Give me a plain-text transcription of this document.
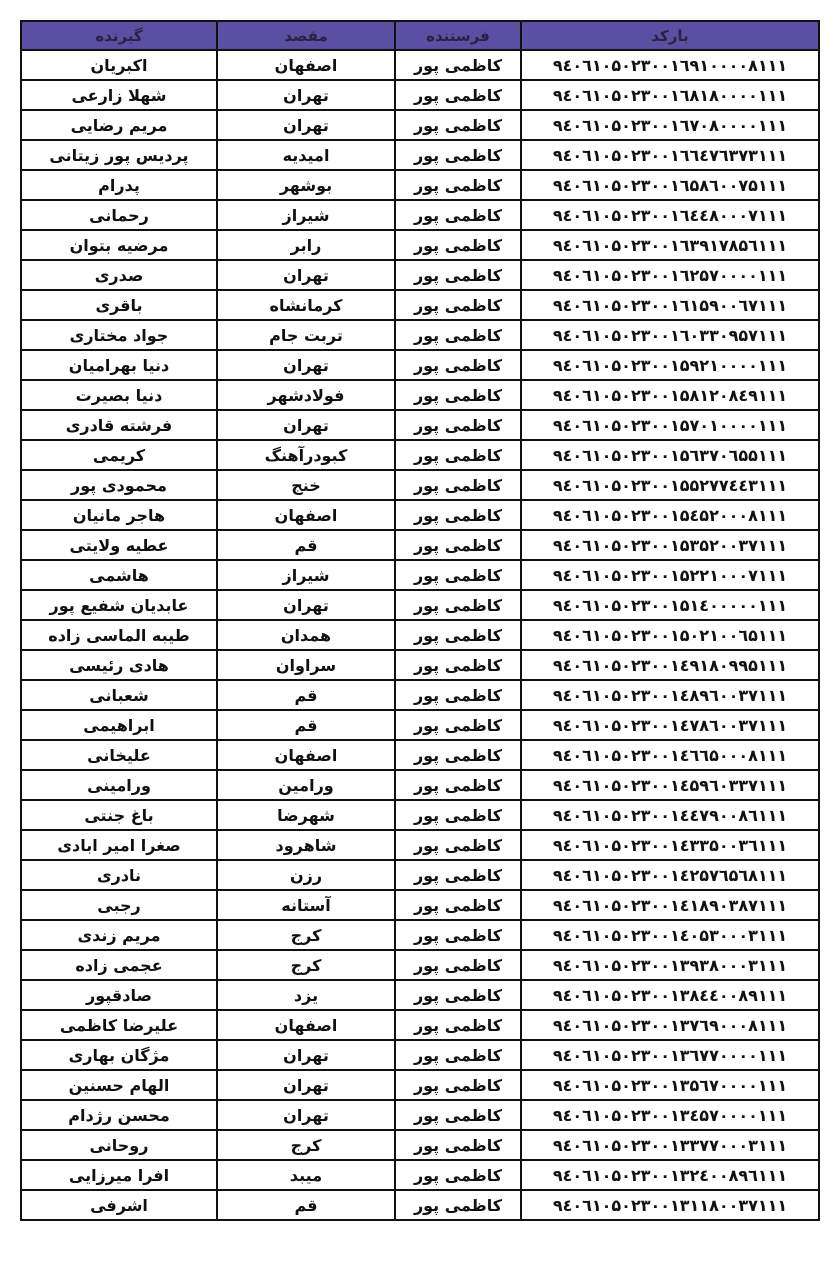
بارکد	فرستنده	مقصد	گیرنده
۹٤۰٦۱۰۵۰۲۳۰۰۱٦۹۱۰۰۰۰۸۱۱۱	کاظمی پور	اصفهان	اکبریان
۹٤۰٦۱۰۵۰۲۳۰۰۱٦۸۱۸۰۰۰۰۱۱۱	کاظمی پور	تهران	شهلا زارعی
۹٤۰٦۱۰۵۰۲۳۰۰۱٦۷۰۸۰۰۰۰۱۱۱	کاظمی پور	تهران	مریم رضایی
۹٤۰٦۱۰۵۰۲۳۰۰۱٦٦٤٧٦۳۷۳۱۱۱	کاظمی پور	امیدیه	پردیس پور زیتانی
۹٤۰٦۱۰۵۰۲۳۰۰۱٦۵۸٦۰۰۷۵۱۱۱	کاظمی پور	بوشهر	پدرام
۹٤۰٦۱۰۵۰۲۳۰۰۱٦٤٤۸۰۰۰۷۱۱۱	کاظمی پور	شیراز	رحمانی
۹٤۰٦۱۰۵۰۲۳۰۰۱٦۳۹۱۷۸۵٦۱۱۱	کاظمی پور	رابر	مرضیه بتوان
۹٤۰٦۱۰۵۰۲۳۰۰۱٦۲۵۷۰۰۰۰۱۱۱	کاظمی پور	تهران	صدری
۹٤۰٦۱۰۵۰۲۳۰۰۱٦۱۵۹۰۰٦۷۱۱۱	کاظمی پور	کرمانشاه	باقری
۹٤۰٦۱۰۵۰۲۳۰۰۱٦۰۳۳۰۹۵۷۱۱۱	کاظمی پور	تربت جام	جواد مختاری
۹٤۰٦۱۰۵۰۲۳۰۰۱۵۹۲۱۰۰۰۰۱۱۱	کاظمی پور	تهران	دنیا بهرامیان
۹٤۰٦۱۰۵۰۲۳۰۰۱۵۸۱۲۰۸٤۹۱۱۱	کاظمی پور	فولادشهر	دنیا بصیرت
۹٤۰٦۱۰۵۰۲۳۰۰۱۵۷۰۱۰۰۰۰۱۱۱	کاظمی پور	تهران	فرشته قادری
۹٤۰٦۱۰۵۰۲۳۰۰۱۵٦۳۷۰٦۵۵۱۱۱	کاظمی پور	کبودرآهنگ	کریمی
۹٤۰٦۱۰۵۰۲۳۰۰۱۵۵۲۷۷٤٤۳۱۱۱	کاظمی پور	خنج	محمودی پور
۹٤۰٦۱۰۵۰۲۳۰۰۱۵٤۵۲۰۰۰۸۱۱۱	کاظمی پور	اصفهان	هاجر مانیان
۹٤۰٦۱۰۵۰۲۳۰۰۱۵۳۵۲۰۰۳۷۱۱۱	کاظمی پور	قم	عطیه ولایتی
۹٤۰٦۱۰۵۰۲۳۰۰۱۵۲۲۱۰۰۰۷۱۱۱	کاظمی پور	شیراز	هاشمی
۹٤۰٦۱۰۵۰۲۳۰۰۱۵۱٤۰۰۰۰۰۱۱۱	کاظمی پور	تهران	عابدیان شفیع پور
۹٤۰٦۱۰۵۰۲۳۰۰۱۵۰۲۱۰۰٦۵۱۱۱	کاظمی پور	همدان	طیبه الماسی زاده
۹٤۰٦۱۰۵۰۲۳۰۰۱٤۹۱۸۰۹۹۵۱۱۱	کاظمی پور	سراوان	هادی رئیسی
۹٤۰٦۱۰۵۰۲۳۰۰۱٤۸۹٦۰۰۳۷۱۱۱	کاظمی پور	قم	شعبانی
۹٤۰٦۱۰۵۰۲۳۰۰۱٤۷۸٦۰۰۳۷۱۱۱	کاظمی پور	قم	ابراهیمی
۹٤۰٦۱۰۵۰۲۳۰۰۱٤٦٦۵۰۰۰۸۱۱۱	کاظمی پور	اصفهان	علیخانی
۹٤۰٦۱۰۵۰۲۳۰۰۱٤۵۹٦۰۳۳۷۱۱۱	کاظمی پور	ورامین	ورامینی
۹٤۰٦۱۰۵۰۲۳۰۰۱٤٤۷۹۰۰۸٦۱۱۱	کاظمی پور	شهرضا	باغ جنتی
۹٤۰٦۱۰۵۰۲۳۰۰۱٤۳۳۵۰۰۳٦۱۱۱	کاظمی پور	شاهرود	صغرا امیر ابادی
۹٤۰٦۱۰۵۰۲۳۰۰۱٤۲۵۷٦۵٦۸۱۱۱	کاظمی پور	رزن	نادری
۹٤۰٦۱۰۵۰۲۳۰۰۱٤۱۸۹۰۳۸۷۱۱۱	کاظمی پور	آستانه	رجبی
۹٤۰٦۱۰۵۰۲۳۰۰۱٤۰۵۳۰۰۰۳۱۱۱	کاظمی پور	کرج	مریم زندی
۹٤۰٦۱۰۵۰۲۳۰۰۱۳۹۳۸۰۰۰۳۱۱۱	کاظمی پور	کرج	عجمی زاده
۹٤۰٦۱۰۵۰۲۳۰۰۱۳۸٤٤۰۰۸۹۱۱۱	کاظمی پور	یزد	صادقپور
۹٤۰٦۱۰۵۰۲۳۰۰۱۳۷٦۹۰۰۰۸۱۱۱	کاظمی پور	اصفهان	علیرضا کاظمی
۹٤۰٦۱۰۵۰۲۳۰۰۱۳٦۷۷۰۰۰۰۱۱۱	کاظمی پور	تهران	مژگان بهاری
۹٤۰٦۱۰۵۰۲۳۰۰۱۳۵٦۷۰۰۰۰۱۱۱	کاظمی پور	تهران	الهام حسنین
۹٤۰٦۱۰۵۰۲۳۰۰۱۳٤۵۷۰۰۰۰۱۱۱	کاظمی پور	تهران	محسن رژدام
۹٤۰٦۱۰۵۰۲۳۰۰۱۳۳۷۷۰۰۰۳۱۱۱	کاظمی پور	کرج	روحانی
۹٤۰٦۱۰۵۰۲۳۰۰۱۳۲٤۰۰۸۹٦۱۱۱	کاظمی پور	میبد	افرا میرزایی
۹٤۰٦۱۰۵۰۲۳۰۰۱۳۱۱۸۰۰۳۷۱۱۱	کاظمی پور	قم	اشرفی
